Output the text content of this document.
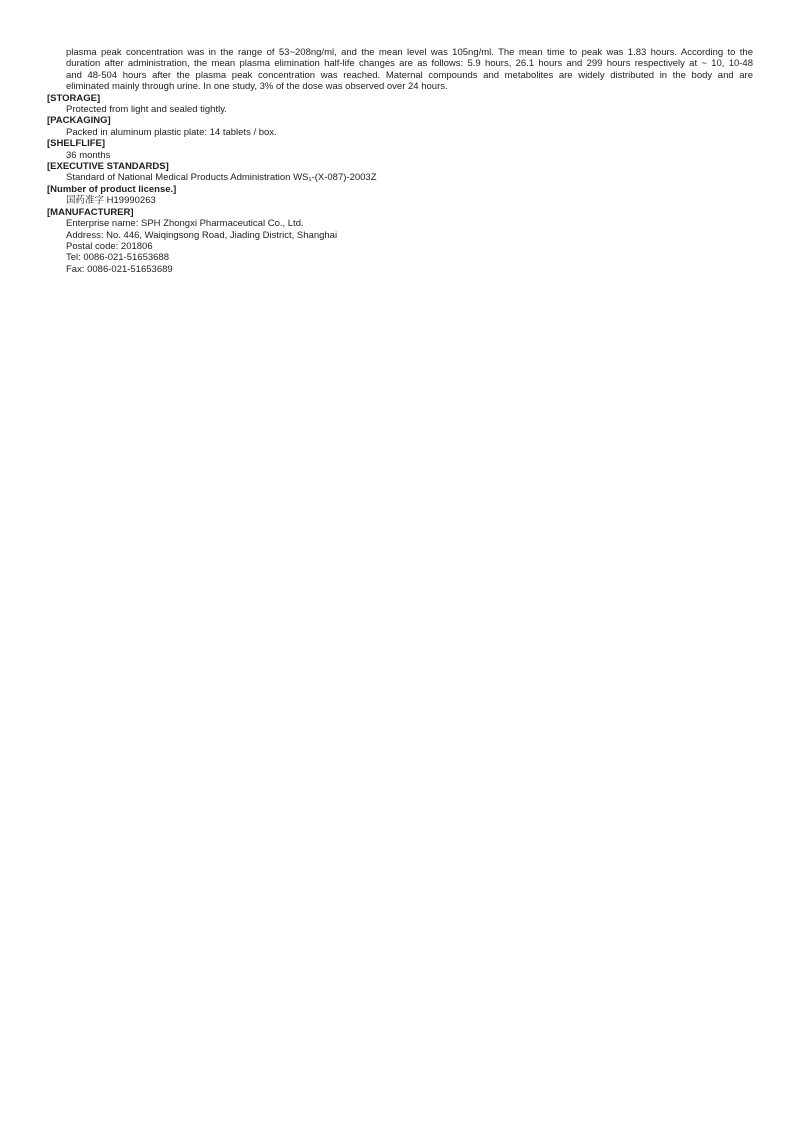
plasma peak concentration was in the range of 53~208ng/ml, and the mean level was 105ng/ml. The mean time to peak was 1.83 hours. According to the
duration after administration, the mean plasma elimination half-life changes are as follows: 5.9 hours, 26.1 hours and 299 hours respectively at ~ 10, 10-48
and 48-504 hours after the plasma peak concentration was reached. Maternal compounds and metabolites are widely distributed in the body and are
eliminated mainly through urine. In one study, 3% of the dose was observed over 24 hours.
[STORAGE]
Protected from light and sealed tightly.
[PACKAGING]
Packed in aluminum plastic plate: 14 tablets / box.
[SHELFLIFE]
36 months
[EXECUTIVE STANDARDS]
Standard of National Medical Products Administration WS₁-(X-087)-2003Z
[Number of product license.]
国药准字 H19990263
[MANUFACTURER]
Enterprise name: SPH Zhongxi Pharmaceutical Co., Ltd.
Address: No. 446, Waiqingsong Road, Jiading District, Shanghai
Postal code: 201806
Tel: 0086-021-51653688
Fax: 0086-021-51653689
